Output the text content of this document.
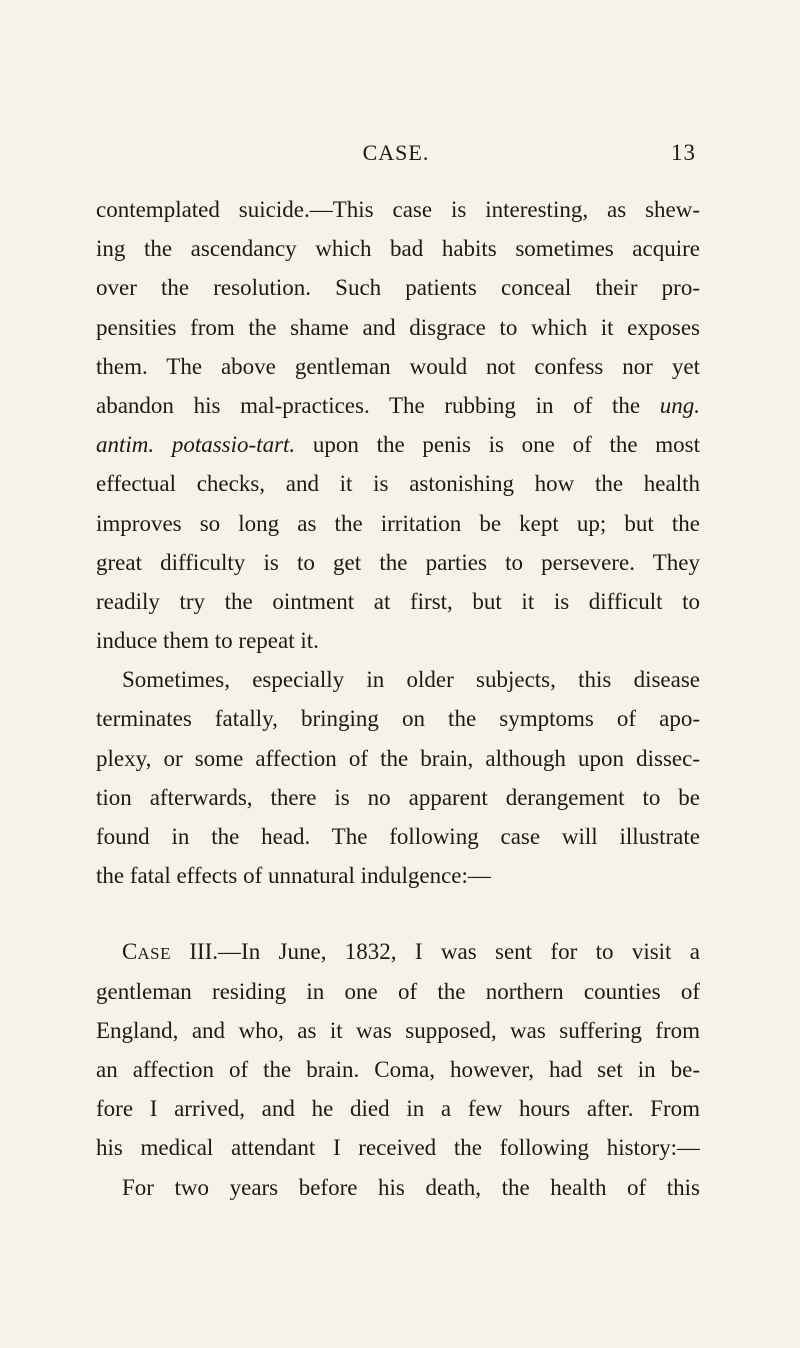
CASE.	13
contemplated suicide.—This case is interesting, as shew-
ing the ascendancy which bad habits sometimes acquire
over the resolution. Such patients conceal their pro-
pensities from the shame and disgrace to which it exposes
them. The above gentleman would not confess nor yet
abandon his mal-practices. The rubbing in of the ung.
antim. potassio-tart. upon the penis is one of the most
effectual checks, and it is astonishing how the health
improves so long as the irritation be kept up; but the
great difficulty is to get the parties to persevere. They
readily try the ointment at first, but it is difficult to
induce them to repeat it.
Sometimes, especially in older subjects, this disease
terminates fatally, bringing on the symptoms of apo-
plexy, or some affection of the brain, although upon dissec-
tion afterwards, there is no apparent derangement to be
found in the head. The following case will illustrate
the fatal effects of unnatural indulgence:—
CASE III.—In June, 1832, I was sent for to visit a
gentleman residing in one of the northern counties of
England, and who, as it was supposed, was suffering from
an affection of the brain. Coma, however, had set in be-
fore I arrived, and he died in a few hours after. From
his medical attendant I received the following history:—
For two years before his death, the health of this
